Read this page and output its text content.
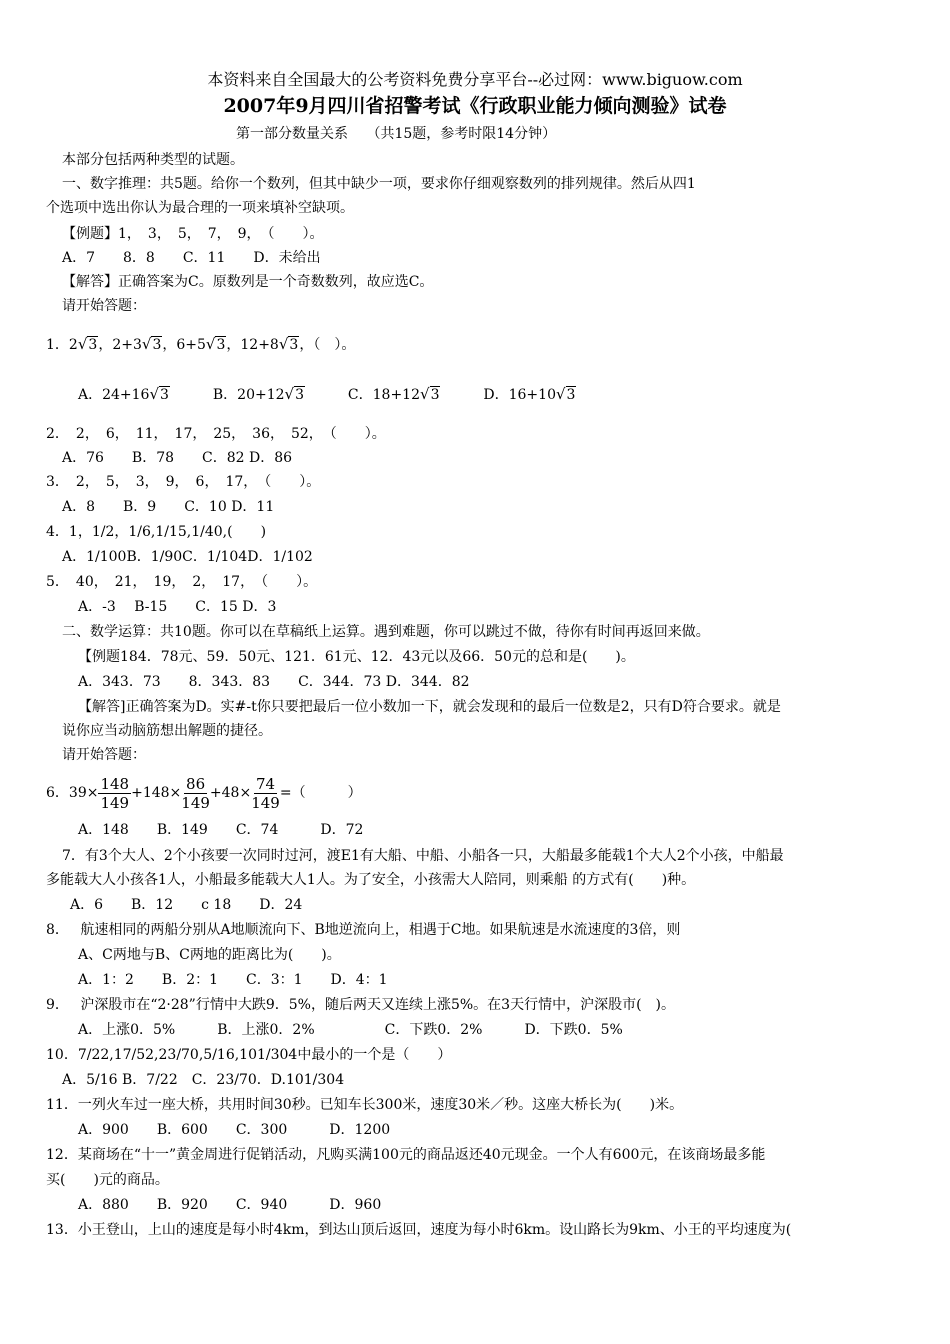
本资料来自全国最大的公考资料免费分享平台--必过网：www.biguow.com
2007年9月四川省招警考试《行政职业能力倾向测验》试卷
第一部分数量关系　 （共15题，参考时限14分钟）
本部分包括两种类型的试题。
一、数字推理：共5题。给你一个数列，但其中缺少一项，要求你仔细观察数列的排列规律。然后从四1
个选项中选出你认为最合理的一项来填补空缺项。
【例题】1，　3，　5，　7，　9，　（　　）。
A．7　　8．8　　C．11　　D．未给出
【解答】正确答案为C。原数列是一个奇数数列，故应选C。
请开始答题：
1．2√3，2+3√3，6+5√3，12+8√3，（　）。
A．24+16√3	B．20+12√3	C．18+12√3	D．16+10√3
2．　2，　6，　11，　17，　25，　36，　52，　（　　）。
A．76　　B．78　　C．82 D．86
3．　2，　5，　3，　9，　6，　17，　（　　）。
A．8　　B．9　　C．10 D．11
4．1，1/2，1/6,1/15,1/40,(　　)
A．1/100B．1/90C．1/104D．1/102
5．　40，　21，　19，　2，　17，　（　　）。
A．-3　 B-15　　C．15 D．3
二、数学运算：共10题。你可以在草稿纸上运算。遇到难题，你可以跳过不做，待你有时间再返回来做。
【例题184．78元、59．50元、121．61元、12．43元以及66．50元的总和是(　　)。
A．343．73　　8．343．83　　C．344．73 D．344．82
【解答]正确答案为D。实#-t你只要把最后一位小数加一下，就会发现和的最后一位数是2，只有D符合要求。就是
说你应当动脑筋想出解题的捷径。
请开始答题：
6．$39\times \frac{148}{149} +148\times \frac{86}{149} +48\times \frac{74}{149}$ =（　　　）
A．148　　B．149　　C．74　　　D．72
7．有3个大人、2个小孩要一次同时过河，渡E1有大船、中船、小船各一只，大船最多能载1个大人2个小孩，中船最
多能载大人小孩各1人，小船最多能载大人1人。为了安全，小孩需大人陪同，则乘船 的方式有(　　)种。
A．6　　B．12　　c 18　　D．24
8．　 航速相同的两船分别从A地顺流向下、B地逆流向上，相遇于C地。如果航速是水流速度的3倍，则
A、C两地与B、C两地的距离比为(　　)。
A．1：2　　B．2：1　　C．3：1　　D．4：1
9．　 沪深股市在“2·28”行情中大跌9．5%，随后两天又连续上涨5%。在3天行情中，沪深股市(　)。
A．上涨0．5%　　　B．上涨0．2%　　　　　C．下跌0．2%　　　D．下跌0．5%
10．7/22,17/52,23/70,5/16,101/304中最小的一个是（　　）
A．5/16 B．7/22　C．23/70．D.101/304
11．一列火车过一座大桥，共用时间30秒。已知车长300米，速度30米／秒。这座大桥长为(　　)米。
A．900　　B．600　　C．300　　　D．1200
12．某商场在“十一”黄金周进行促销活动，凡购买满100元的商品返还40元现金。一个人有600元，在该商场最多能
买(　　)元的商品。
A．880　　B．920　　C．940　　　D．960
13．小王登山，上山的速度是每小时4km，到达山顶后返回，速度为每小时6km。设山路长为9km、小王的平均速度为(
